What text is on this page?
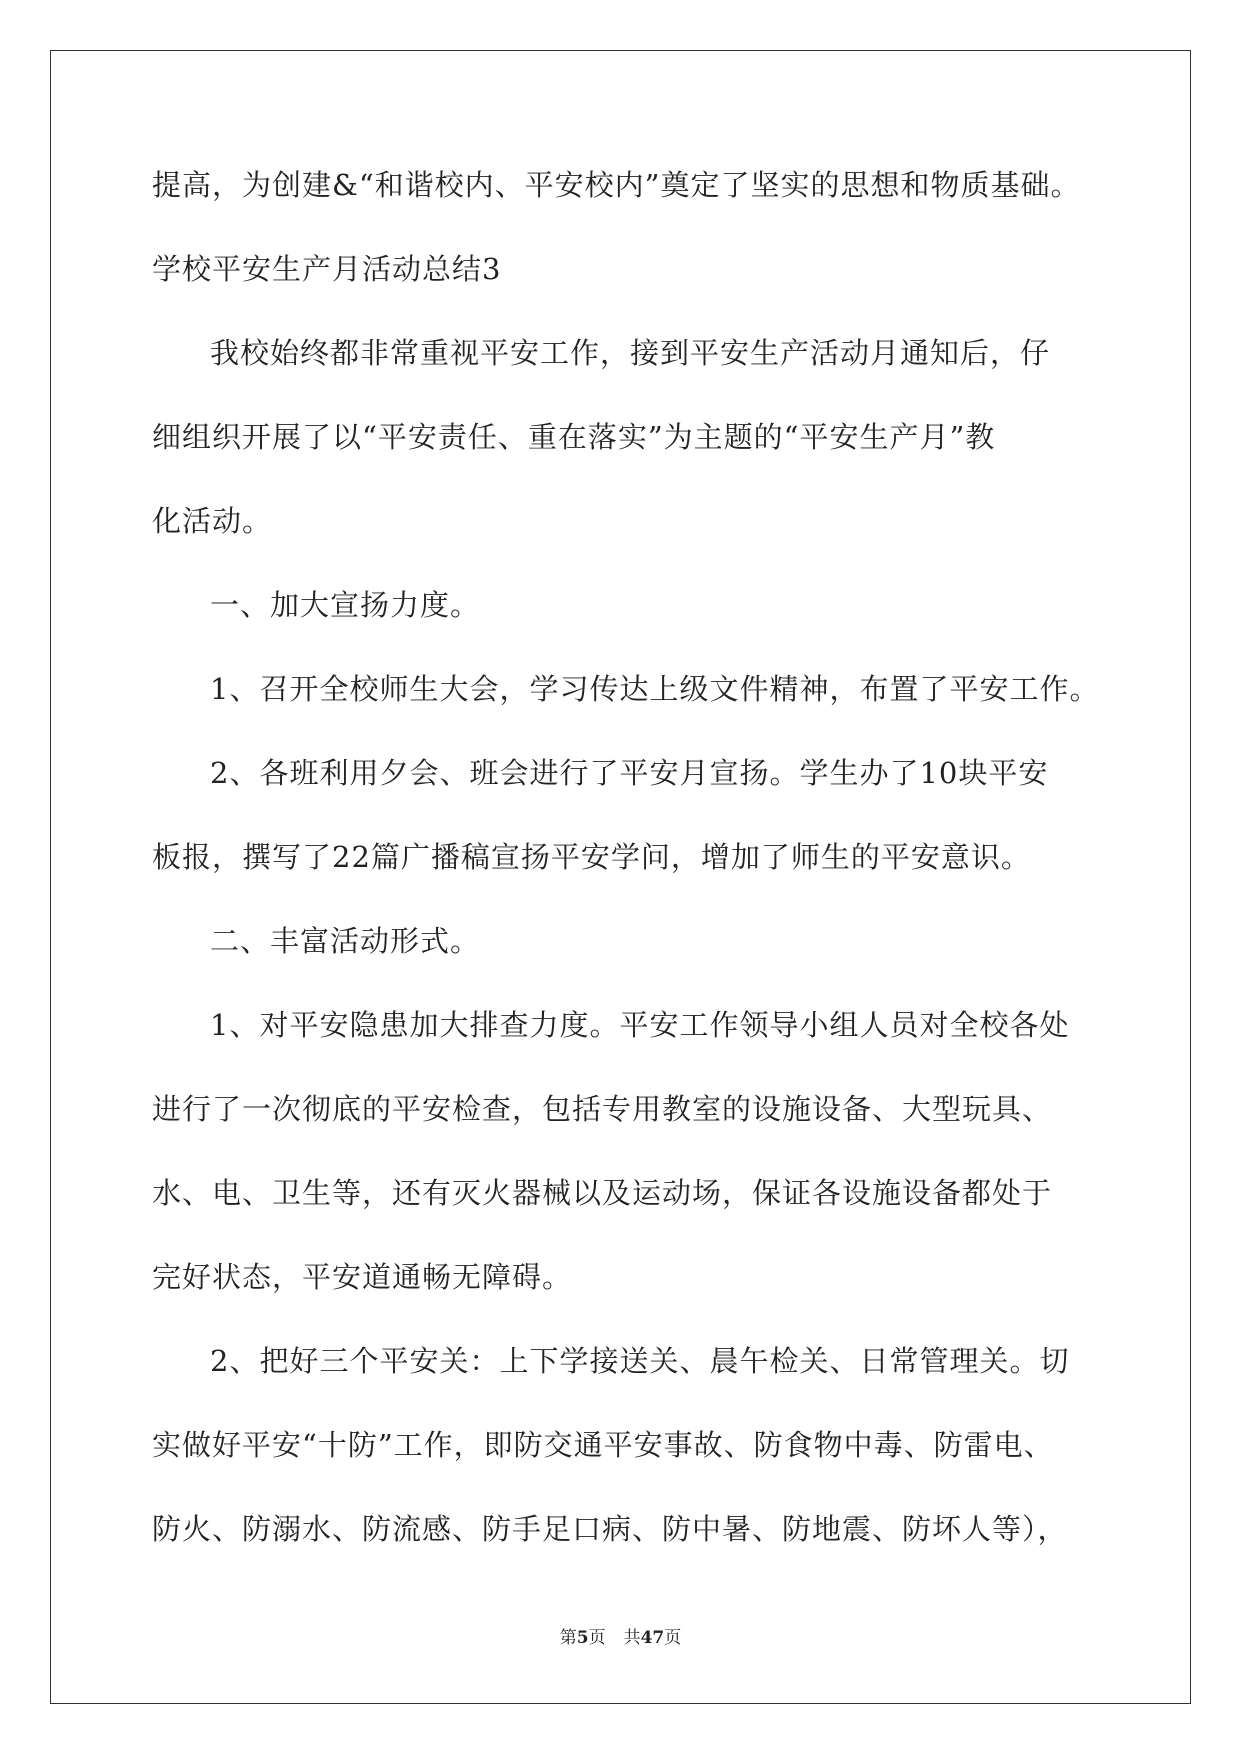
提高，为创建&“和谐校内、平安校内”奠定了坚实的思想和物质基础。
学校平安生产月活动总结3
我校始终都非常重视平安工作，接到平安生产活动月通知后，仔
细组织开展了以“平安责任、重在落实”为主题的“平安生产月”教
化活动。
一、加大宣扬力度。
1、召开全校师生大会，学习传达上级文件精神，布置了平安工作。
2、各班利用夕会、班会进行了平安月宣扬。学生办了10块平安
板报，撰写了22篇广播稿宣扬平安学问，增加了师生的平安意识。
二、丰富活动形式。
1、对平安隐患加大排查力度。平安工作领导小组人员对全校各处
进行了一次彻底的平安检查，包括专用教室的设施设备、大型玩具、
水、电、卫生等，还有灭火器械以及运动场，保证各设施设备都处于
完好状态，平安道通畅无障碍。
2、把好三个平安关：上下学接送关、晨午检关、日常管理关。切
实做好平安“十防”工作，即防交通平安事故、防食物中毒、防雷电、
防火、防溺水、防流感、防手足口病、防中暑、防地震、防坏人等），
第5页 共47页
